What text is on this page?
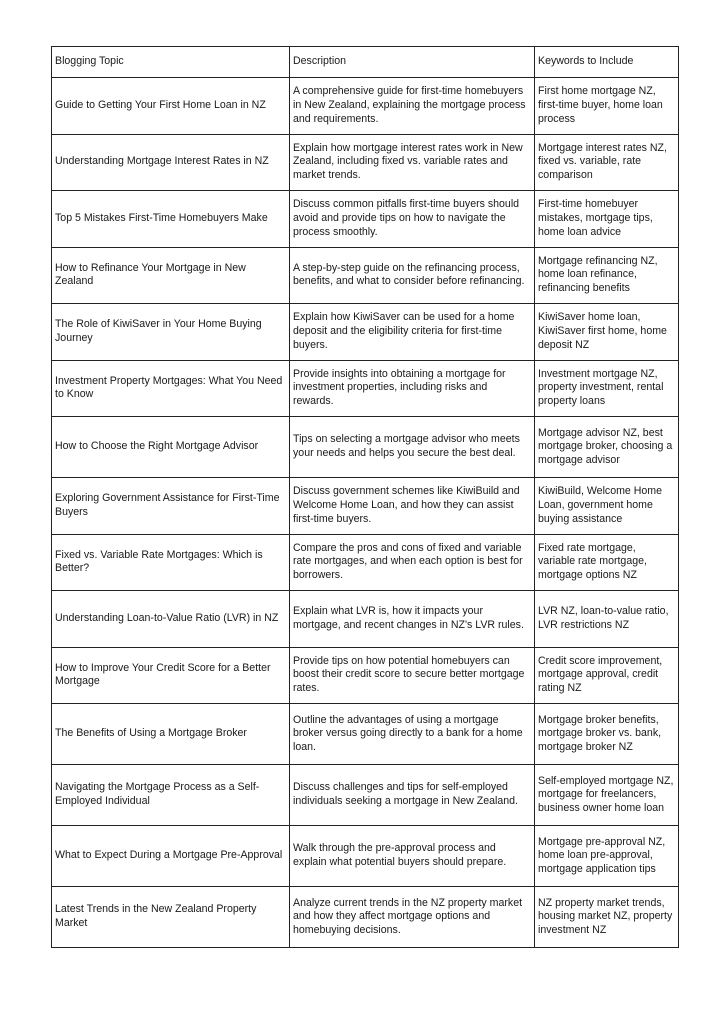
Blogging Topic	Description	Keywords to Include
Guide to Getting Your First Home Loan in NZ	A comprehensive guide for first-time homebuyers in New Zealand, explaining the mortgage process and requirements.	First home mortgage NZ, first-time buyer, home loan process
Understanding Mortgage Interest Rates in NZ	Explain how mortgage interest rates work in New Zealand, including fixed vs. variable rates and market trends.	Mortgage interest rates NZ, fixed vs. variable, rate comparison
Top 5 Mistakes First-Time Homebuyers Make	Discuss common pitfalls first-time buyers should avoid and provide tips on how to navigate the process smoothly.	First-time homebuyer mistakes, mortgage tips, home loan advice
How to Refinance Your Mortgage in New Zealand	A step-by-step guide on the refinancing process, benefits, and what to consider before refinancing.	Mortgage refinancing NZ, home loan refinance, refinancing benefits
The Role of KiwiSaver in Your Home Buying Journey	Explain how KiwiSaver can be used for a home deposit and the eligibility criteria for first-time buyers.	KiwiSaver home loan, KiwiSaver first home, home deposit NZ
Investment Property Mortgages: What You Need to Know	Provide insights into obtaining a mortgage for investment properties, including risks and rewards.	Investment mortgage NZ, property investment, rental property loans
How to Choose the Right Mortgage Advisor	Tips on selecting a mortgage advisor who meets your needs and helps you secure the best deal.	Mortgage advisor NZ, best mortgage broker, choosing a mortgage advisor
Exploring Government Assistance for First-Time Buyers	Discuss government schemes like KiwiBuild and Welcome Home Loan, and how they can assist first-time buyers.	KiwiBuild, Welcome Home Loan, government home buying assistance
Fixed vs. Variable Rate Mortgages: Which is Better?	Compare the pros and cons of fixed and variable rate mortgages, and when each option is best for borrowers.	Fixed rate mortgage, variable rate mortgage, mortgage options NZ
Understanding Loan-to-Value Ratio (LVR) in NZ	Explain what LVR is, how it impacts your mortgage, and recent changes in NZ's LVR rules.	LVR NZ, loan-to-value ratio, LVR restrictions NZ
How to Improve Your Credit Score for a Better Mortgage	Provide tips on how potential homebuyers can boost their credit score to secure better mortgage rates.	Credit score improvement, mortgage approval, credit rating NZ
The Benefits of Using a Mortgage Broker	Outline the advantages of using a mortgage broker versus going directly to a bank for a home loan.	Mortgage broker benefits, mortgage broker vs. bank, mortgage broker NZ
Navigating the Mortgage Process as a Self-Employed Individual	Discuss challenges and tips for self-employed individuals seeking a mortgage in New Zealand.	Self-employed mortgage NZ, mortgage for freelancers, business owner home loan
What to Expect During a Mortgage Pre-Approval	Walk through the pre-approval process and explain what potential buyers should prepare.	Mortgage pre-approval NZ, home loan pre-approval, mortgage application tips
Latest Trends in the New Zealand Property Market	Analyze current trends in the NZ property market and how they affect mortgage options and homebuying decisions.	NZ property market trends, housing market NZ, property investment NZ
